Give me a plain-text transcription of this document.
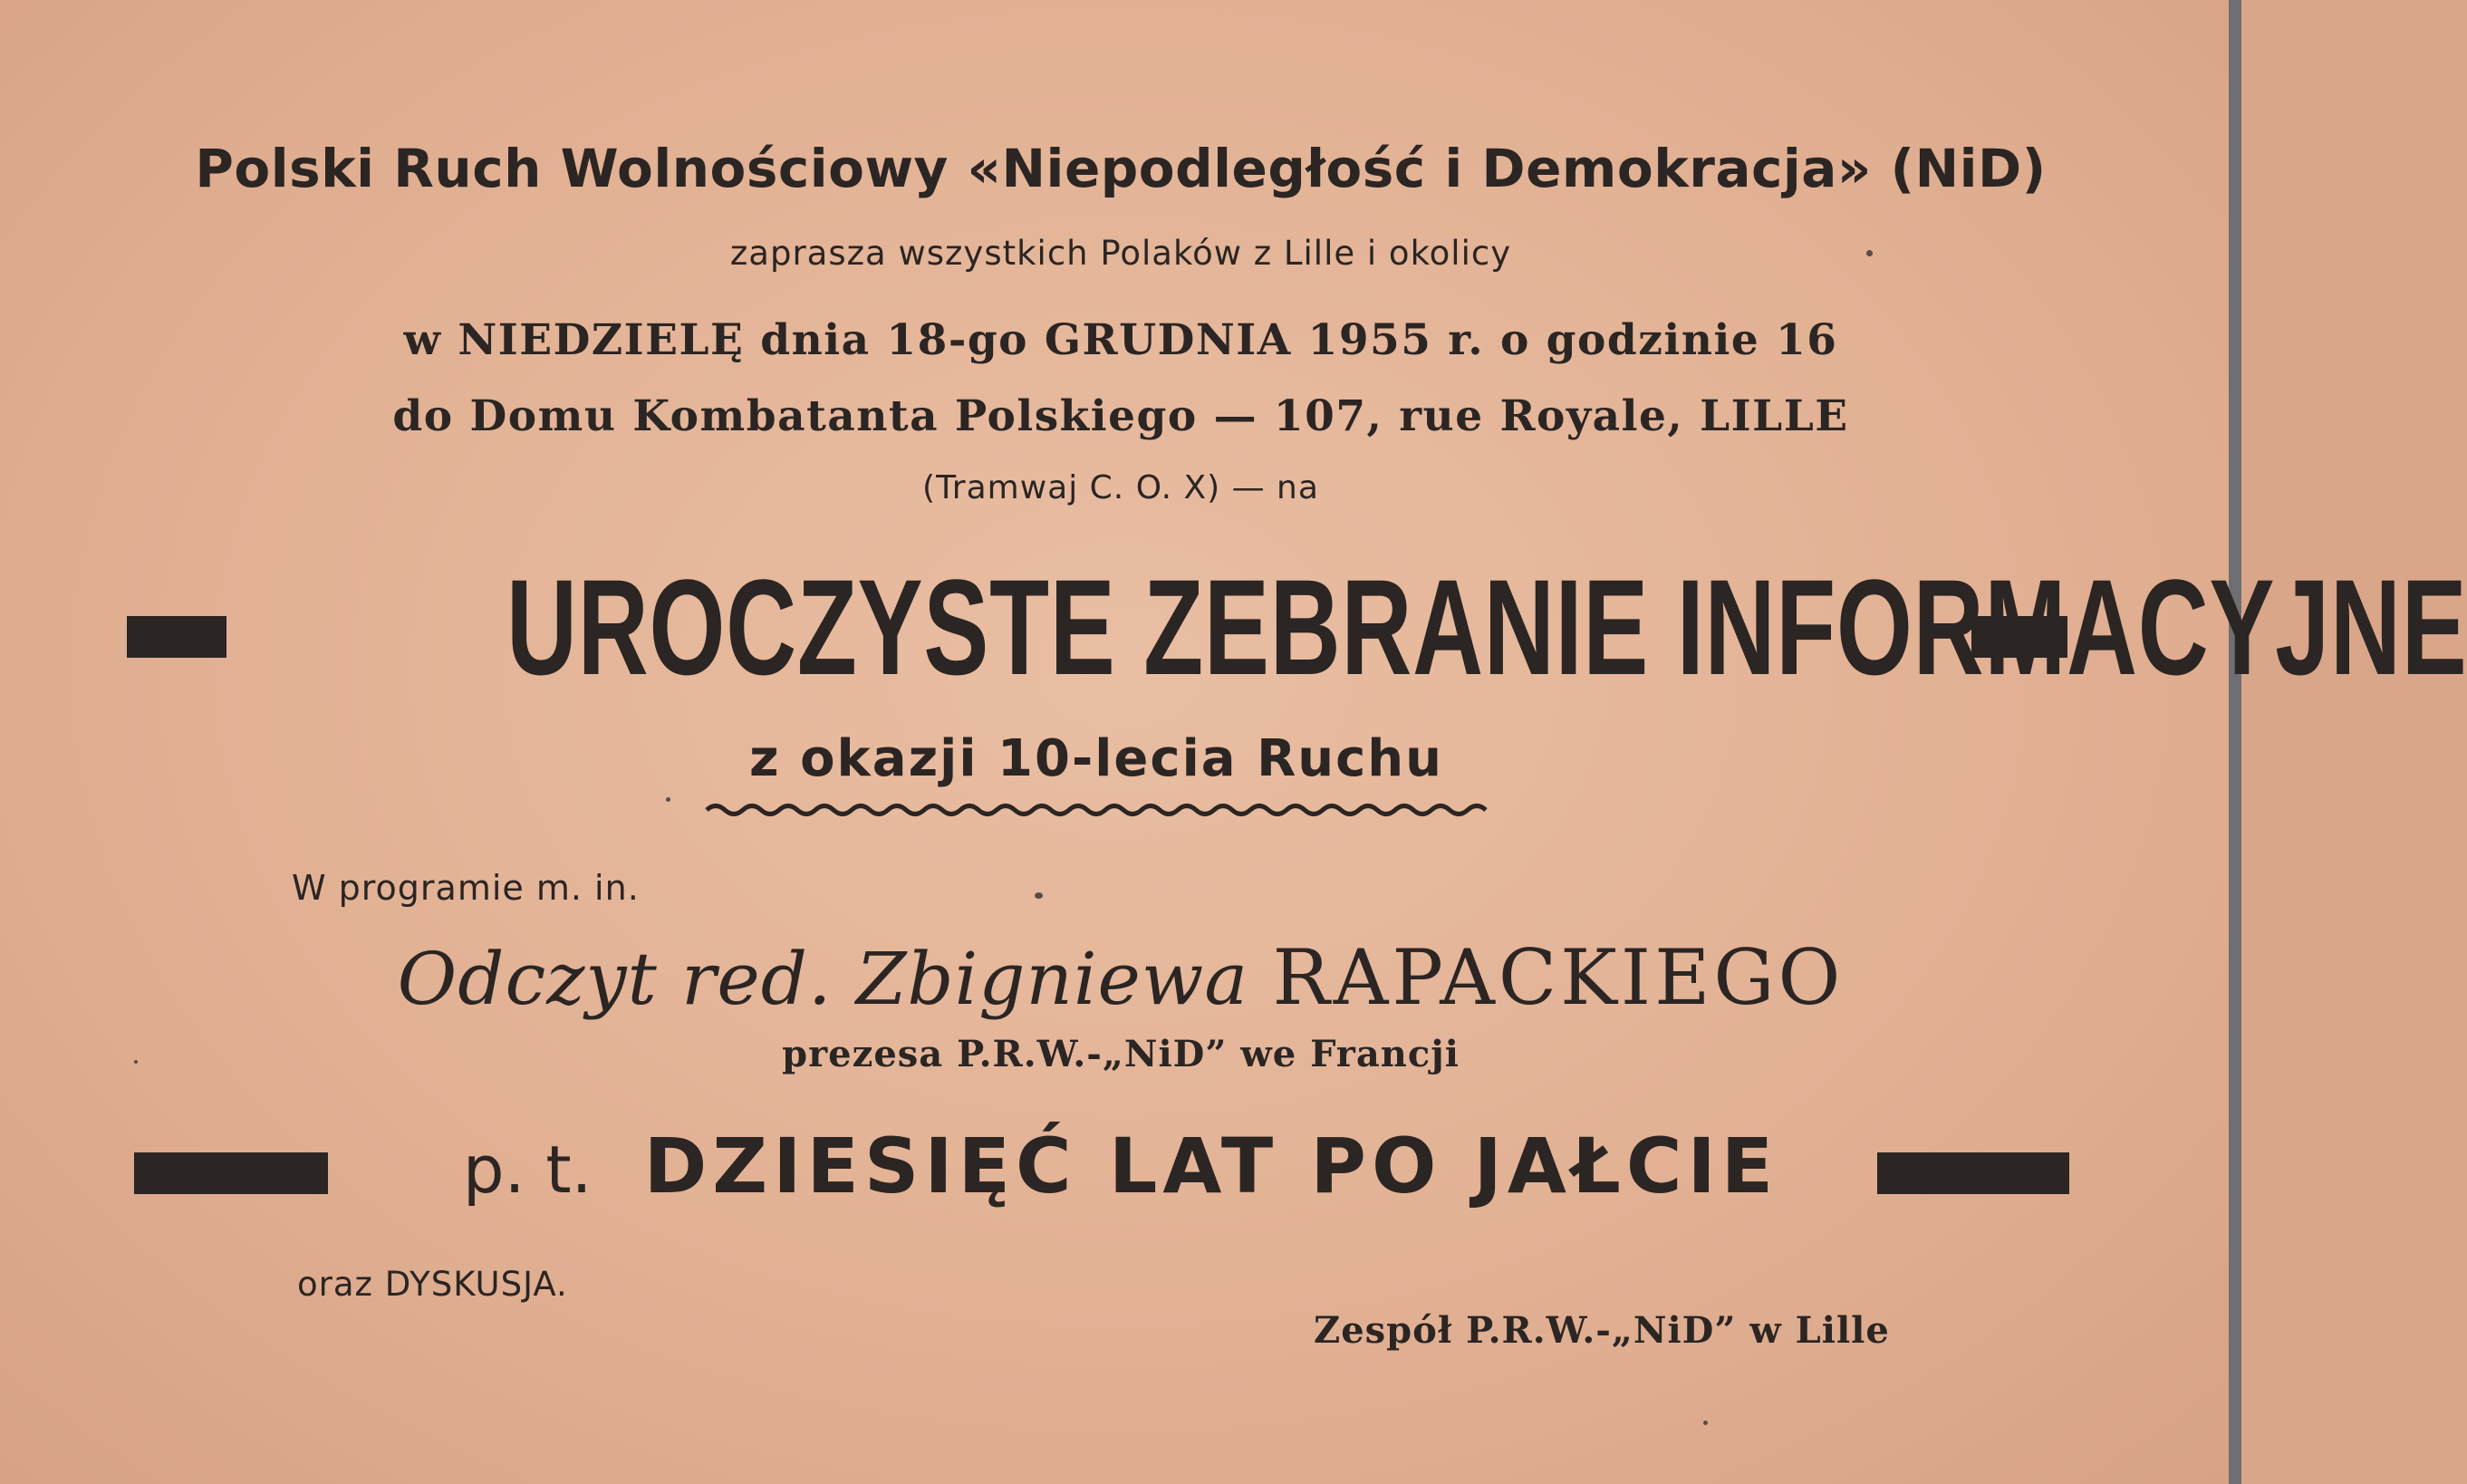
Polski Ruch Wolnościowy «Niepodległość i Demokracja» (NiD)
zaprasza wszystkich Polaków z Lille i okolicy
w NIEDZIELĘ dnia 18-go GRUDNIA 1955 r. o godzinie 16
do Domu Kombatanta Polskiego — 107, rue Royale, LILLE
(Tramwaj C. O. X) — na
UROCZYSTE ZEBRANIE INFORMACYJNE
z okazji 10-lecia Ruchu
W programie m. in.
Odczyt red. Zbigniewa RAPACKIEGO
prezesa P.R.W.-„NiD” we Francji
p. t. DZIESIĘĆ LAT PO JAŁCIE
oraz DYSKUSJA.
Zespół P.R.W.-„NiD” w Lille
